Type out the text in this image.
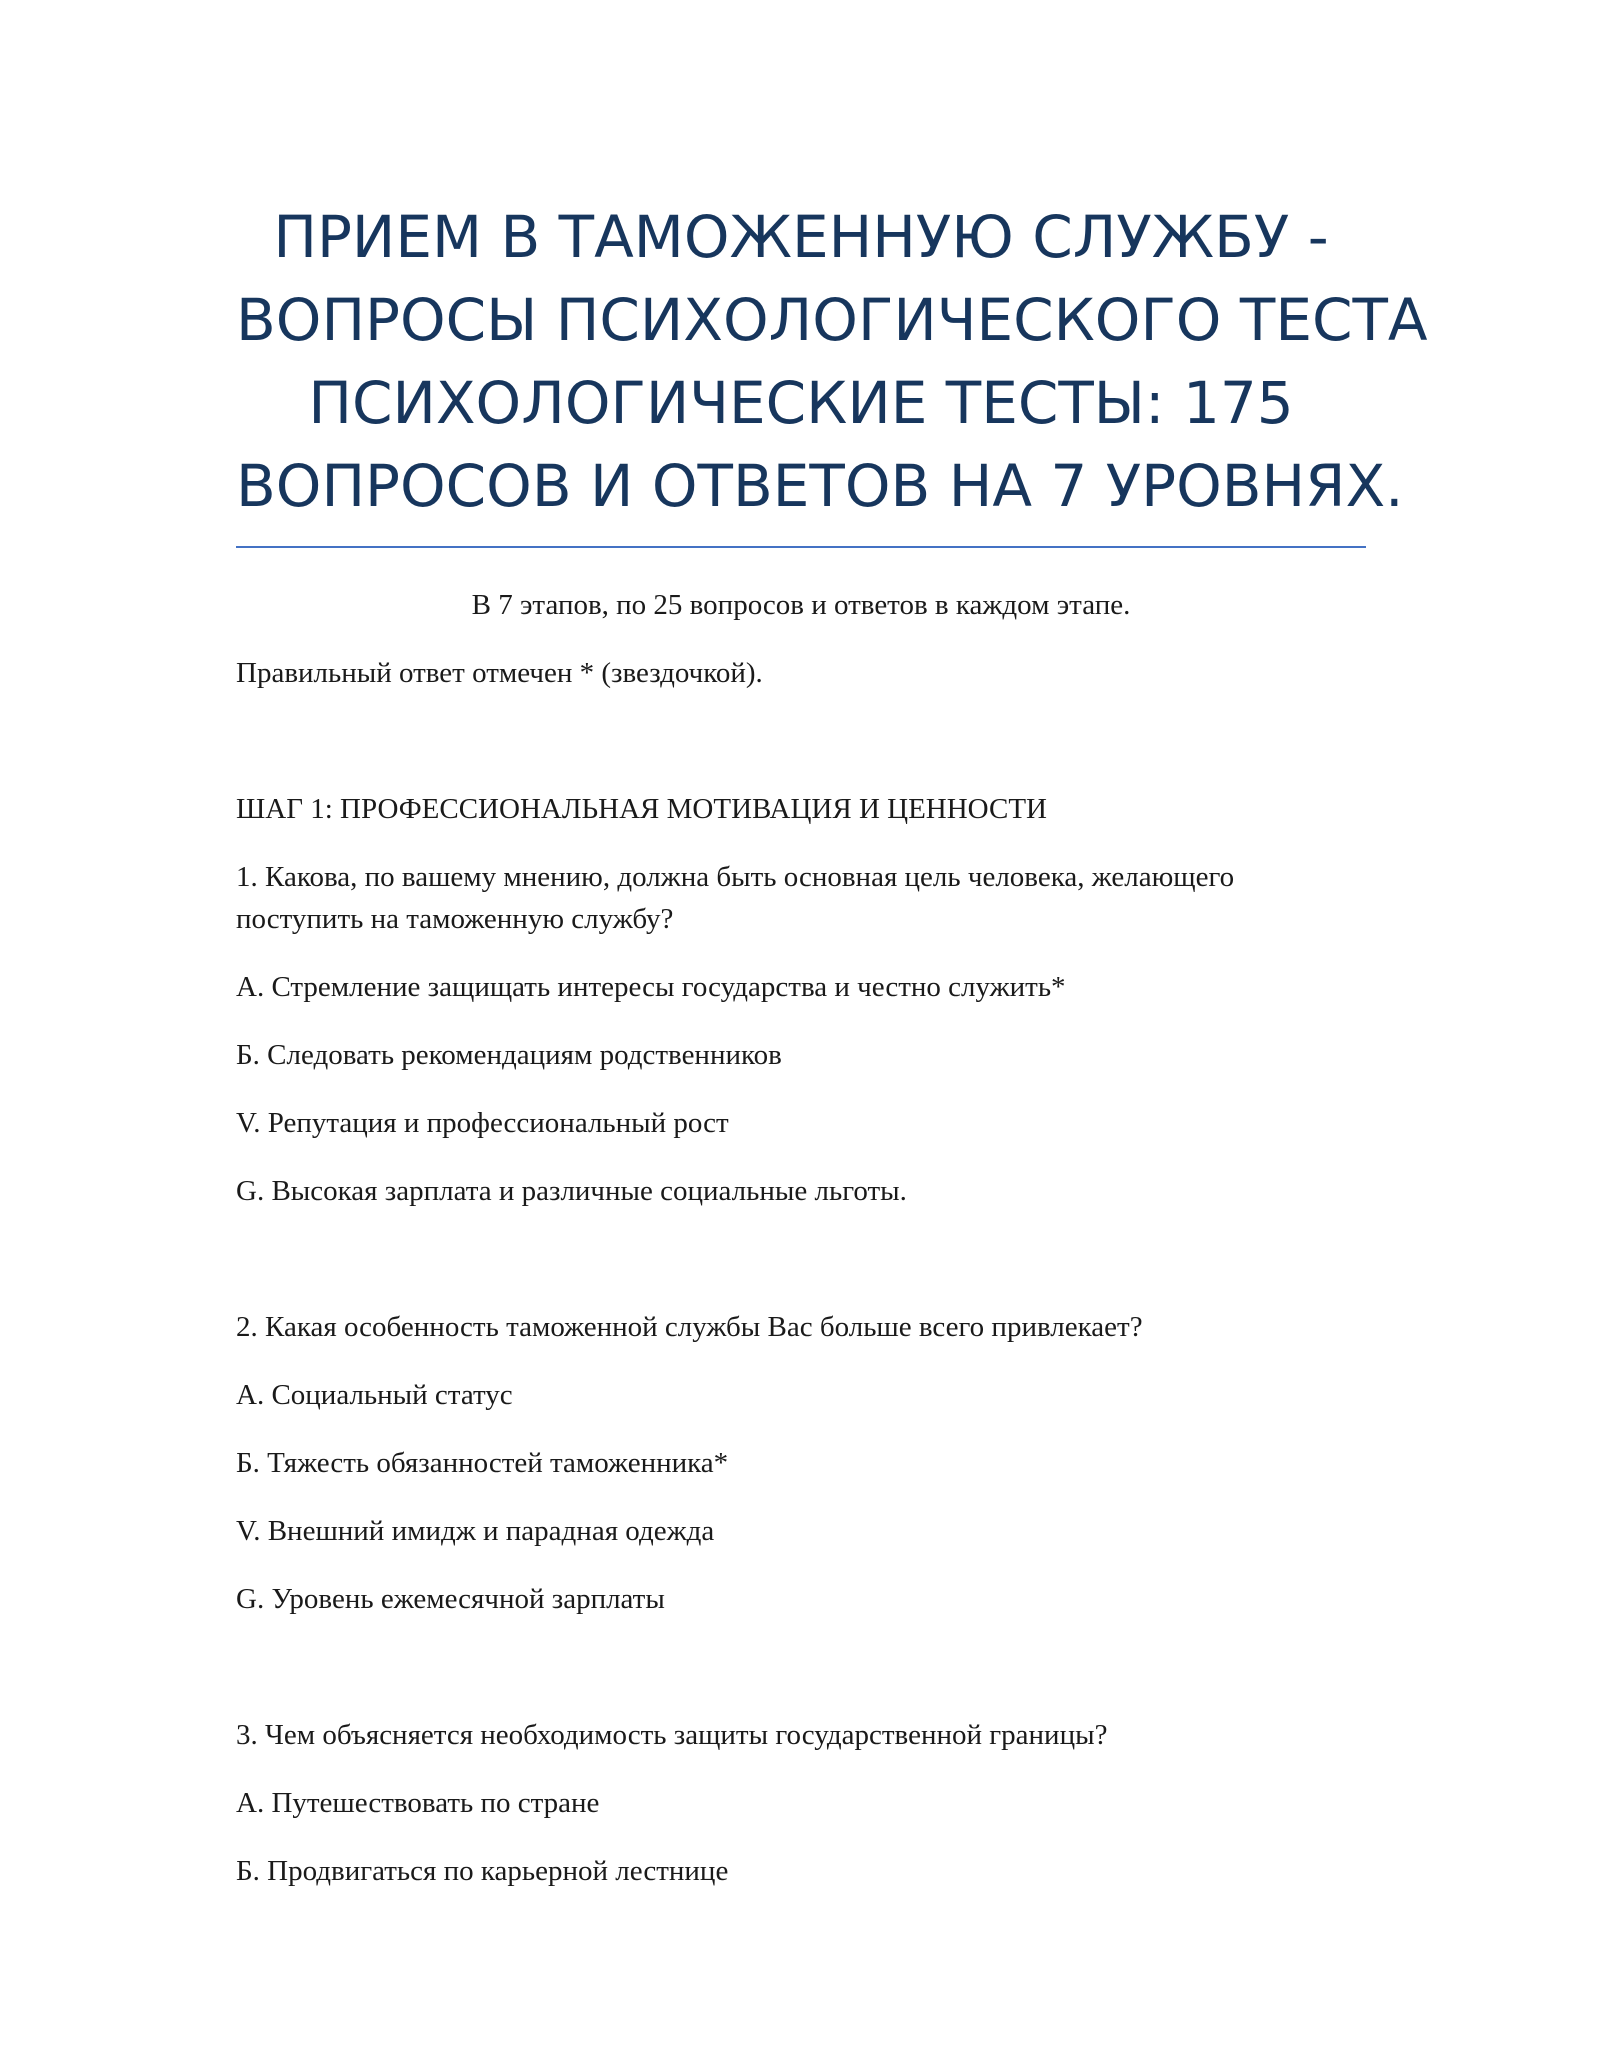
ПРИЕМ В ТАМОЖЕННУЮ СЛУЖБУ -
ВОПРОСЫ ПСИХОЛОГИЧЕСКОГО ТЕСТА
ПСИХОЛОГИЧЕСКИЕ ТЕСТЫ: 175
ВОПРОСОВ И ОТВЕТОВ НА 7 УРОВНЯХ.

В 7 этапов, по 25 вопросов и ответов в каждом этапе.

Правильный ответ отмечен * (звездочкой).

ШАГ 1: ПРОФЕССИОНАЛЬНАЯ МОТИВАЦИЯ И ЦЕННОСТИ

1. Какова, по вашему мнению, должна быть основная цель человека, желающего
поступить на таможенную службу?

А. Стремление защищать интересы государства и честно служить*

Б. Следовать рекомендациям родственников

V. Репутация и профессиональный рост

G. Высокая зарплата и различные социальные льготы.

2. Какая особенность таможенной службы Вас больше всего привлекает?

А. Социальный статус

Б. Тяжесть обязанностей таможенника*

V. Внешний имидж и парадная одежда

G. Уровень ежемесячной зарплаты

3. Чем объясняется необходимость защиты государственной границы?

А. Путешествовать по стране

Б. Продвигаться по карьерной лестнице
